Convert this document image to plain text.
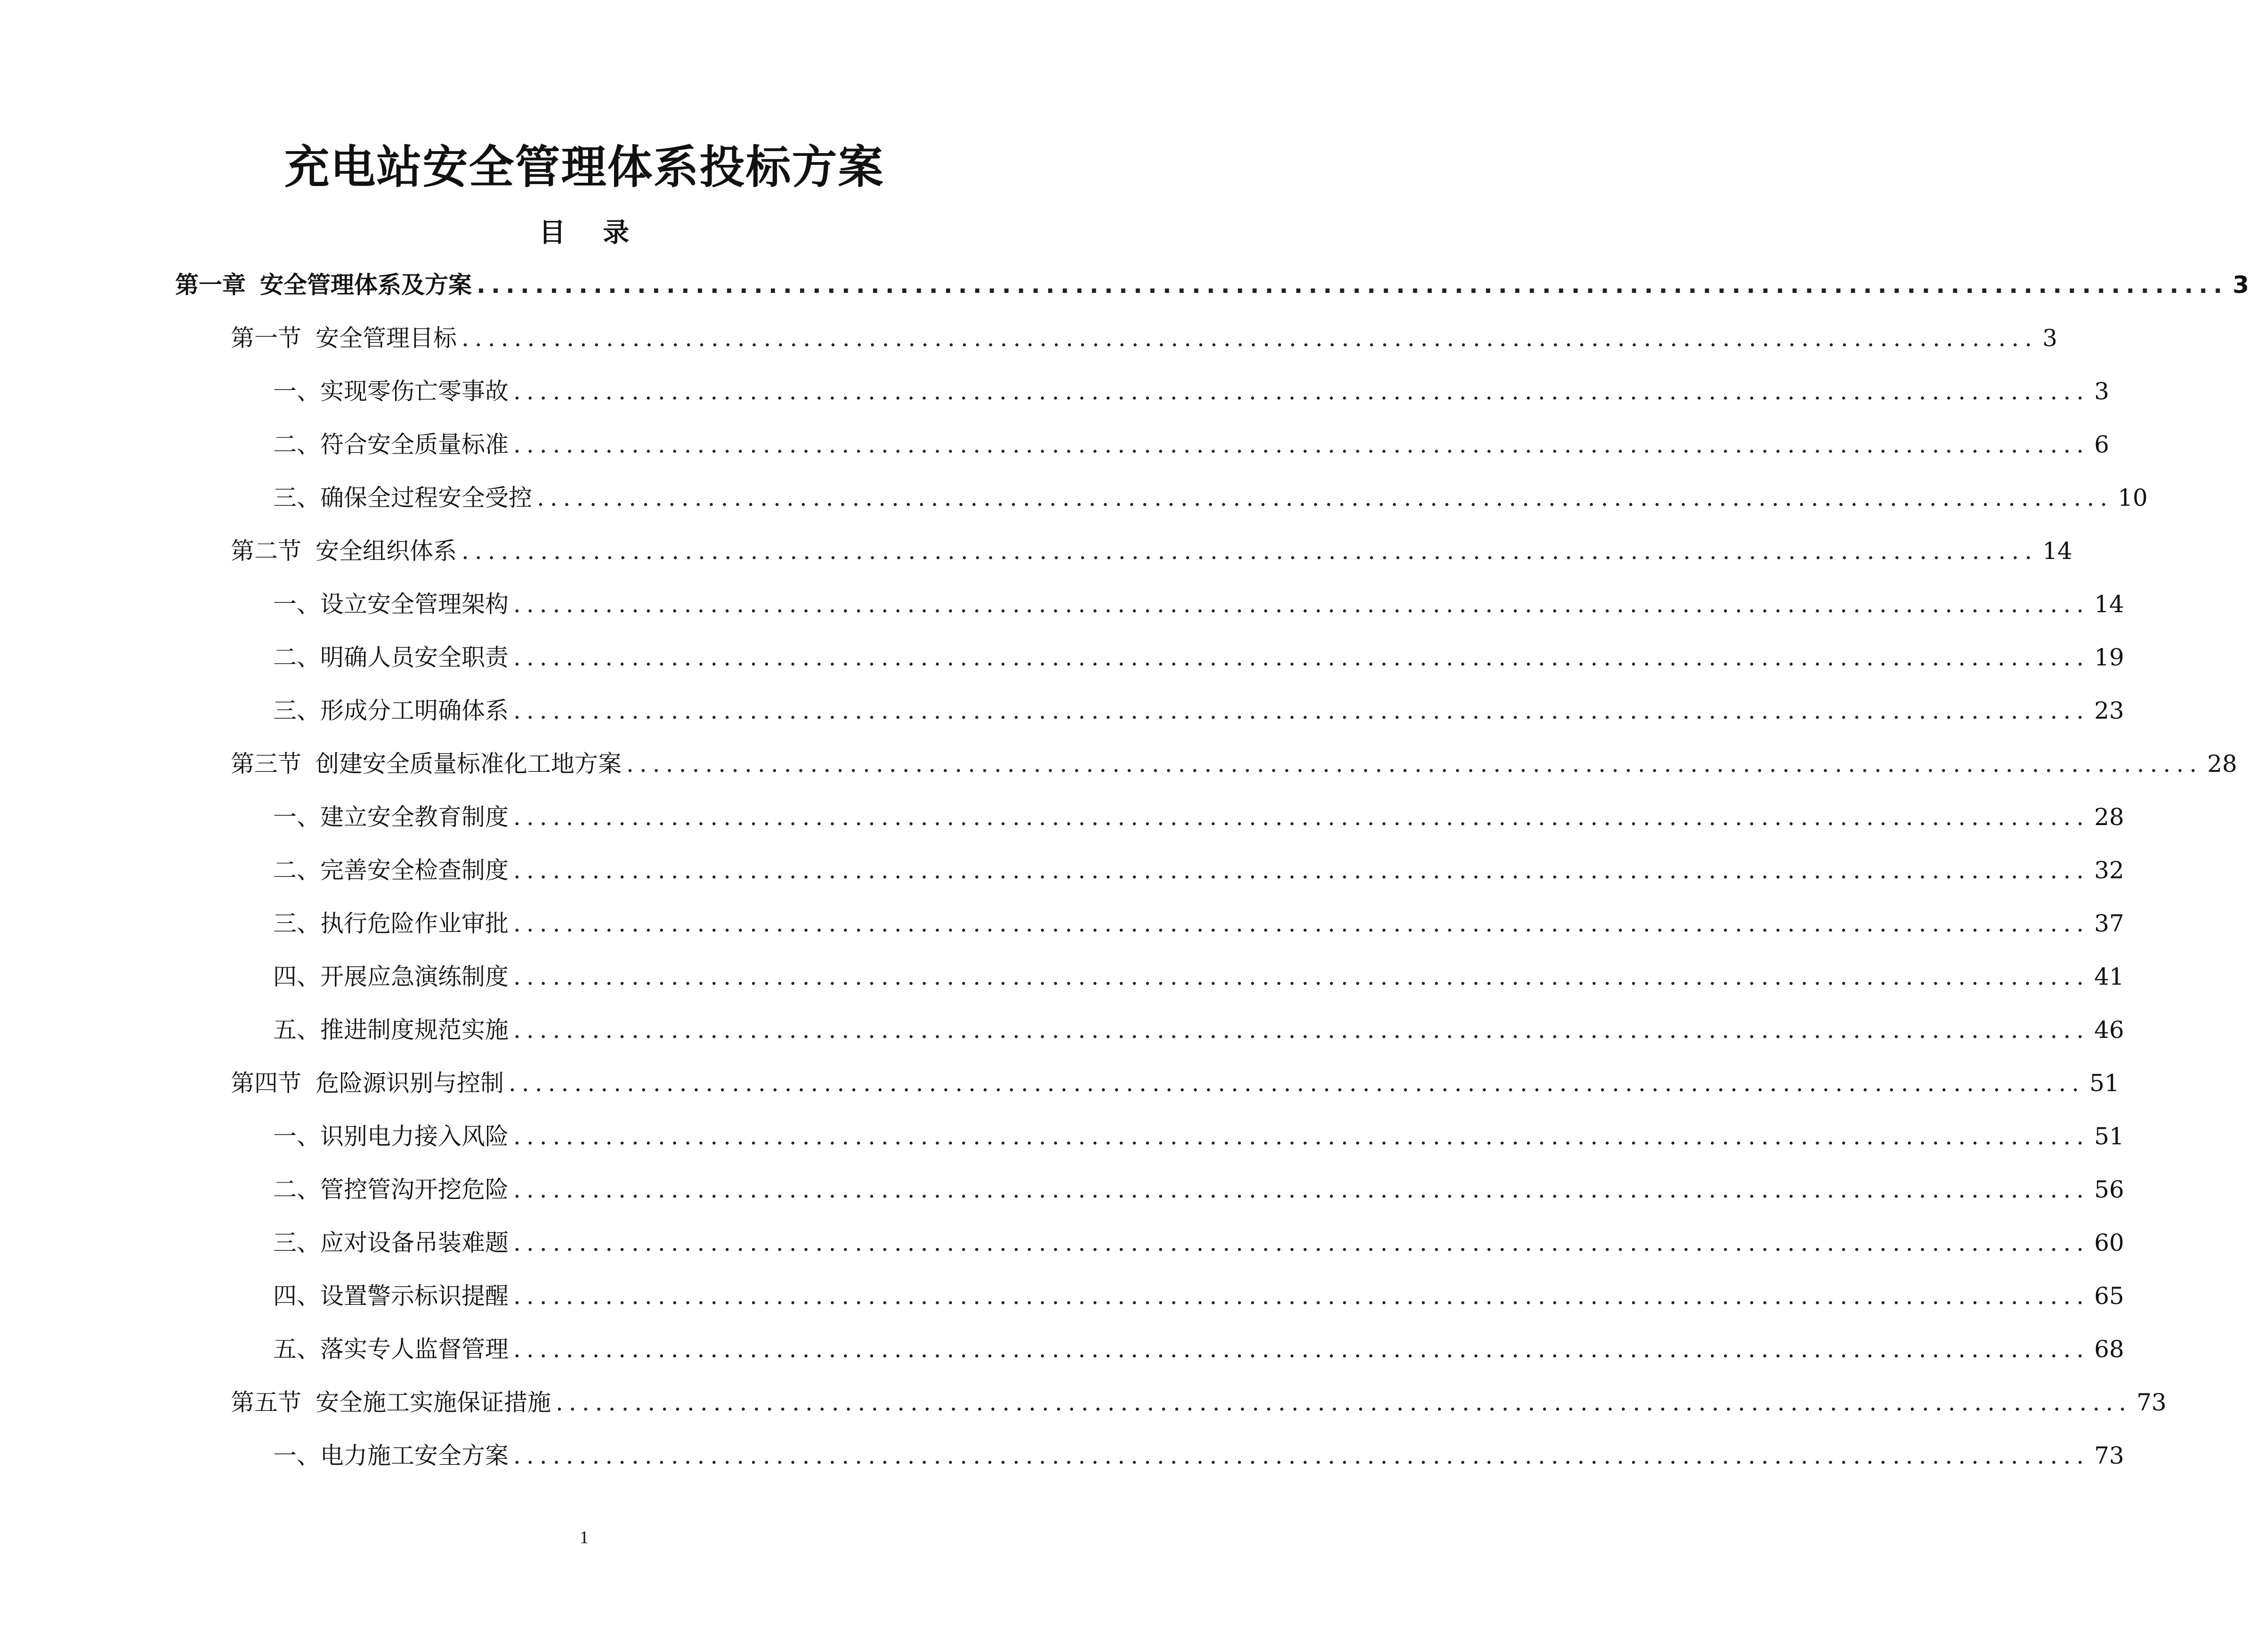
充电站安全管理体系投标方案
目 录
第一章 安全管理体系及方案 ........................................................................................................................ 3
第一节 安全管理目标 ........................................................................................................................ 3
一、实现零伤亡零事故 ........................................................................................................................ 3
二、符合安全质量标准 ........................................................................................................................ 6
三、确保全过程安全受控 ........................................................................................................................ 10
第二节 安全组织体系 ........................................................................................................................ 14
一、设立安全管理架构 ........................................................................................................................ 14
二、明确人员安全职责 ........................................................................................................................ 19
三、形成分工明确体系 ........................................................................................................................ 23
第三节 创建安全质量标准化工地方案 ........................................................................................................................ 28
一、建立安全教育制度 ........................................................................................................................ 28
二、完善安全检查制度 ........................................................................................................................ 32
三、执行危险作业审批 ........................................................................................................................ 37
四、开展应急演练制度 ........................................................................................................................ 41
五、推进制度规范实施 ........................................................................................................................ 46
第四节 危险源识别与控制 ........................................................................................................................ 51
一、识别电力接入风险 ........................................................................................................................ 51
二、管控管沟开挖危险 ........................................................................................................................ 56
三、应对设备吊装难题 ........................................................................................................................ 60
四、设置警示标识提醒 ........................................................................................................................ 65
五、落实专人监督管理 ........................................................................................................................ 68
第五节 安全施工实施保证措施 ........................................................................................................................ 73
一、电力施工安全方案 ........................................................................................................................ 73
1
